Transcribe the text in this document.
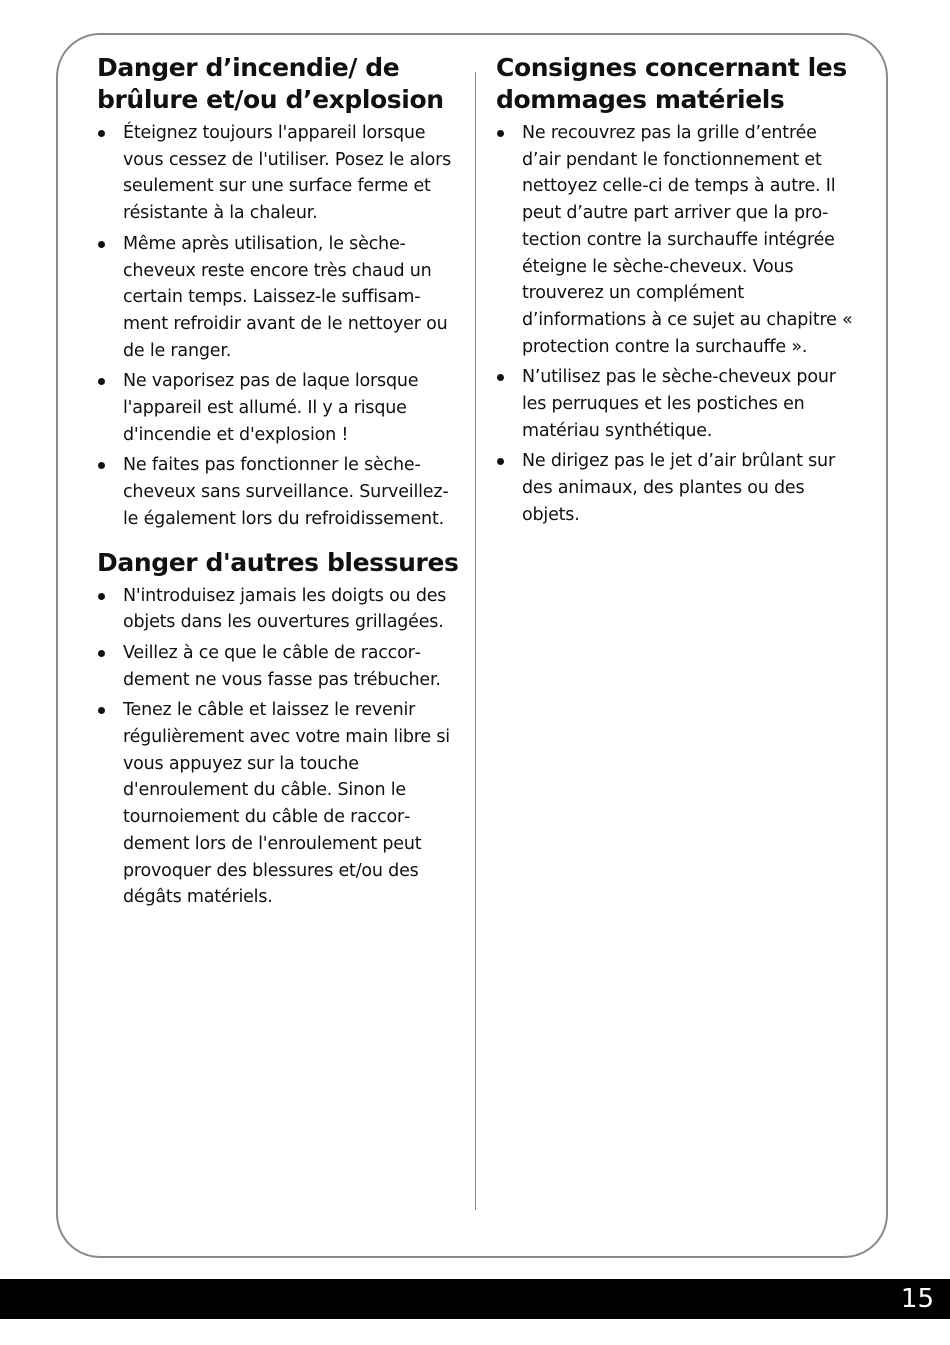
Danger d’incendie/ de brûlure et/ou d’explosion
Éteignez toujours l'appareil lorsque vous cessez de l'utiliser. Posez le alors seulement sur une surface ferme et résistante à la chaleur.
Même après utilisation, le sèche-cheveux reste encore très chaud un certain temps. Laissez-le suffisamment refroidir avant de le nettoyer ou de le ranger.
Ne vaporisez pas de laque lorsque l'appareil est allumé. Il y a risque d'incendie et d'explosion !
Ne faites pas fonctionner le sèche-cheveux sans surveillance. Surveillez-le également lors du refroidissement.
Danger d'autres blessures
N'introduisez jamais les doigts ou des objets dans les ouvertures grillagées.
Veillez à ce que le câble de raccordement ne vous fasse pas trébucher.
Tenez le câble et laissez le revenir régulièrement avec votre main libre si vous appuyez sur la touche d'enroulement du câble. Sinon le tournoiement du câble de raccordement lors de l'enroulement peut provoquer des blessures et/ou des dégâts matériels.
Consignes concernant les dommages matériels
Ne recouvrez pas la grille d’entrée d’air pendant le fonctionnement et nettoyez celle-ci de temps à autre. Il peut d’autre part arriver que la protection contre la surchauffe intégrée éteigne le sèche-cheveux. Vous trouverez un complément d’informations à ce sujet au chapitre « protection contre la surchauffe ».
N’utilisez pas le sèche-cheveux pour les perruques et les postiches en matériau synthétique.
Ne dirigez pas le jet d’air brûlant sur des animaux, des plantes ou des objets.
15
